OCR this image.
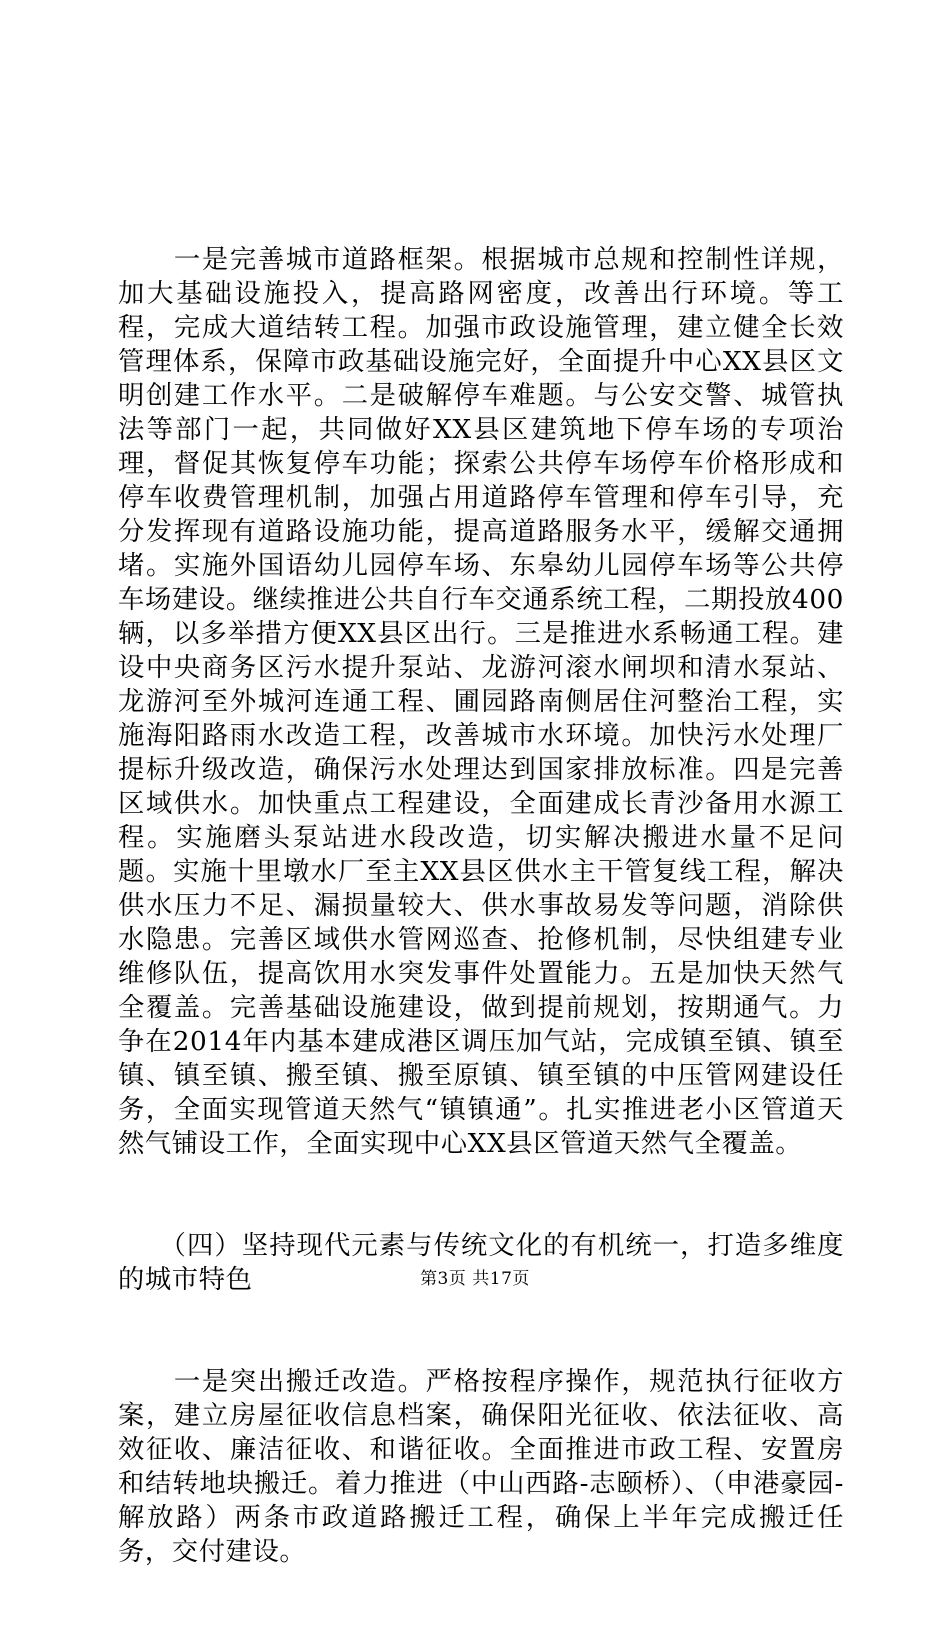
　　一是完善城市道路框架。根据城市总规和控制性详规，加大基础设施投入，提高路网密度，改善出行环境。等工程，完成大道结转工程。加强市政设施管理，建立健全长效管理体系，保障市政基础设施完好，全面提升中心XX县区文明创建工作水平。二是破解停车难题。与公安交警、城管执法等部门一起，共同做好XX县区建筑地下停车场的专项治理，督促其恢复停车功能；探索公共停车场停车价格形成和停车收费管理机制，加强占用道路停车管理和停车引导，充分发挥现有道路设施功能，提高道路服务水平，缓解交通拥堵。实施外国语幼儿园停车场、东皋幼儿园停车场等公共停车场建设。继续推进公共自行车交通系统工程，二期投放400辆，以多举措方便XX县区出行。三是推进水系畅通工程。建设中央商务区污水提升泵站、龙游河滚水闸坝和清水泵站、龙游河至外城河连通工程、圃园路南侧居住河整治工程，实施海阳路雨水改造工程，改善城市水环境。加快污水处理厂提标升级改造，确保污水处理达到国家排放标准。四是完善区域供水。加快重点工程建设，全面建成长青沙备用水源工程。实施磨头泵站进水段改造，切实解决搬进水量不足问题。实施十里墩水厂至主XX县区供水主干管复线工程，解决供水压力不足、漏损量较大、供水事故易发等问题，消除供水隐患。完善区域供水管网巡查、抢修机制，尽快组建专业维修队伍，提高饮用水突发事件处置能力。五是加快天然气全覆盖。完善基础设施建设，做到提前规划，按期通气。力争在2014年内基本建成港区调压加气站，完成镇至镇、镇至镇、镇至镇、搬至镇、搬至原镇、镇至镇的中压管网建设任务，全面实现管道天然气“镇镇通”。扎实推进老小区管道天然气铺设工作，全面实现中心XX县区管道天然气全覆盖。

　　（四）坚持现代元素与传统文化的有机统一，打造多维度的城市特色

　　一是突出搬迁改造。严格按程序操作，规范执行征收方案，建立房屋征收信息档案，确保阳光征收、依法征收、高效征收、廉洁征收、和谐征收。全面推进市政工程、安置房和结转地块搬迁。着力推进（中山西路-志颐桥）、（申港豪园-解放路）两条市政道路搬迁工程，确保上半年完成搬迁任务，交付建设。

第3页 共17页
